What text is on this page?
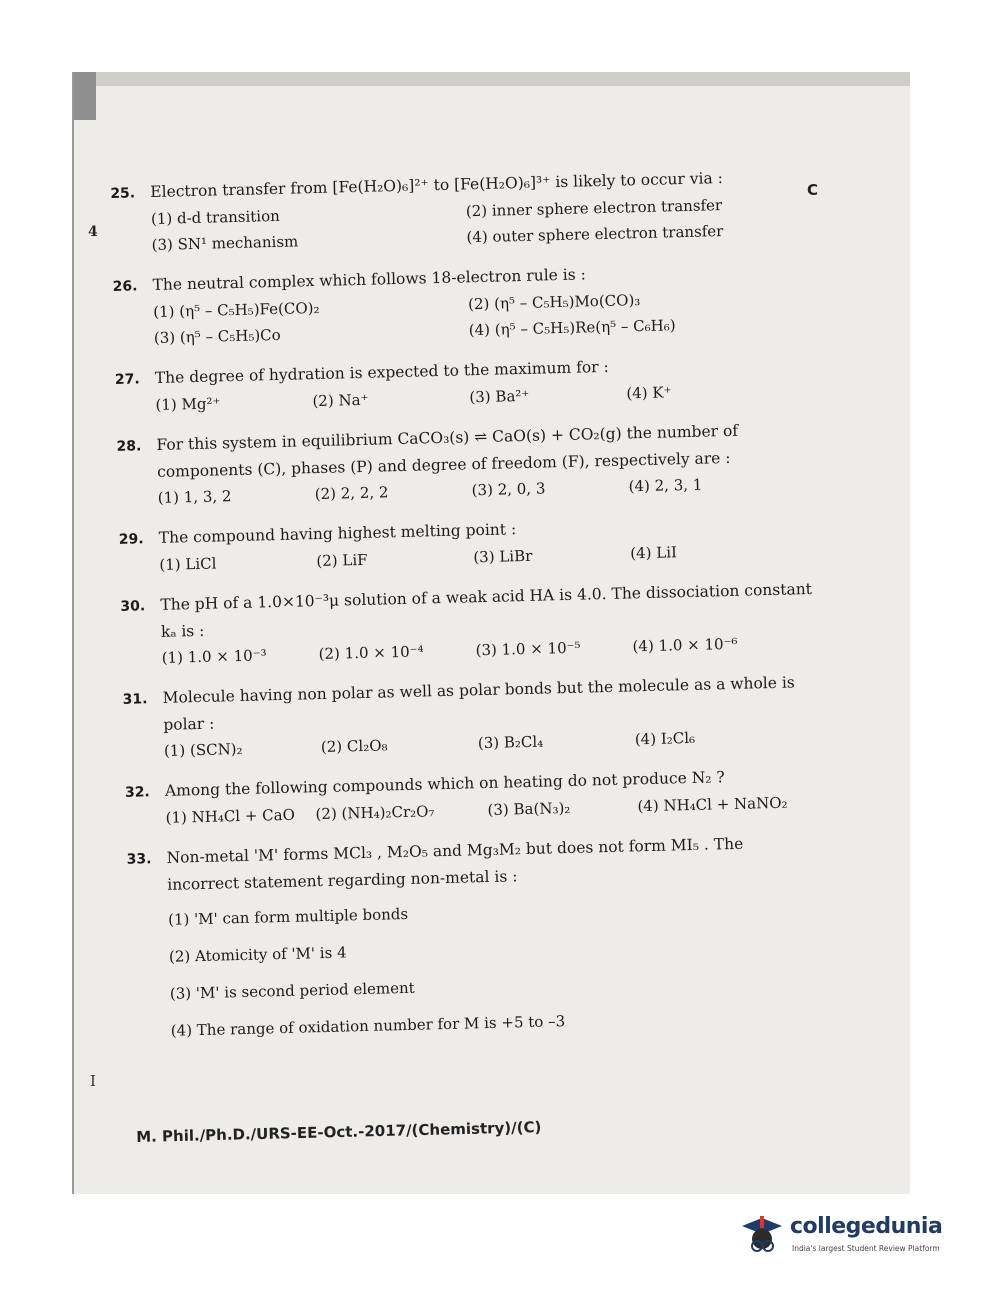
4
C
I
25. Electron transfer from [Fe(H₂O)₆]²⁺ to [Fe(H₂O)₆]³⁺ is likely to occur via :
(1) d-d transition	(2) inner sphere electron transfer
(3) SN¹ mechanism	(4) outer sphere electron transfer
26. The neutral complex which follows 18-electron rule is :
(1) (η⁵ – C₅H₅)Fe(CO)₂	(2) (η⁵ – C₅H₅)Mo(CO)₃
(3) (η⁵ – C₅H₅)Co	(4) (η⁵ – C₅H₅)Re(η⁵ – C₆H₆)
27. The degree of hydration is expected to the maximum for :
(1) Mg²⁺	(2) Na⁺	(3) Ba²⁺	(4) K⁺
28. For this system in equilibrium CaCO₃(s) ⇌ CaO(s) + CO₂(g) the number of
components (C), phases (P) and degree of freedom (F), respectively are :
(1) 1, 3, 2	(2) 2, 2, 2	(3) 2, 0, 3	(4) 2, 3, 1
29. The compound having highest melting point :
(1) LiCl	(2) LiF	(3) LiBr	(4) LiI
30. The pH of a 1.0×10⁻³μ solution of a weak acid HA is 4.0. The dissociation constant
kₐ is :
(1) 1.0 × 10⁻³	(2) 1.0 × 10⁻⁴	(3) 1.0 × 10⁻⁵	(4) 1.0 × 10⁻⁶
31. Molecule having non polar as well as polar bonds but the molecule as a whole is
polar :
(1) (SCN)₂	(2) Cl₂O₈	(3) B₂Cl₄	(4) I₂Cl₆
32. Among the following compounds which on heating do not produce N₂ ?
(1) NH₄Cl + CaO	(2) (NH₄)₂Cr₂O₇	(3) Ba(N₃)₂	(4) NH₄Cl + NaNO₂
33. Non-metal 'M' forms MCl₃ , M₂O₅ and Mg₃M₂ but does not form MI₅ . The
incorrect statement regarding non-metal is :
(1) 'M' can form multiple bonds
(2) Atomicity of 'M' is 4
(3) 'M' is second period element
(4) The range of oxidation number for M is +5 to –3
M. Phil./Ph.D./URS-EE-Oct.-2017/(Chemistry)/(C)
collegedunia
India's largest Student Review Platform
